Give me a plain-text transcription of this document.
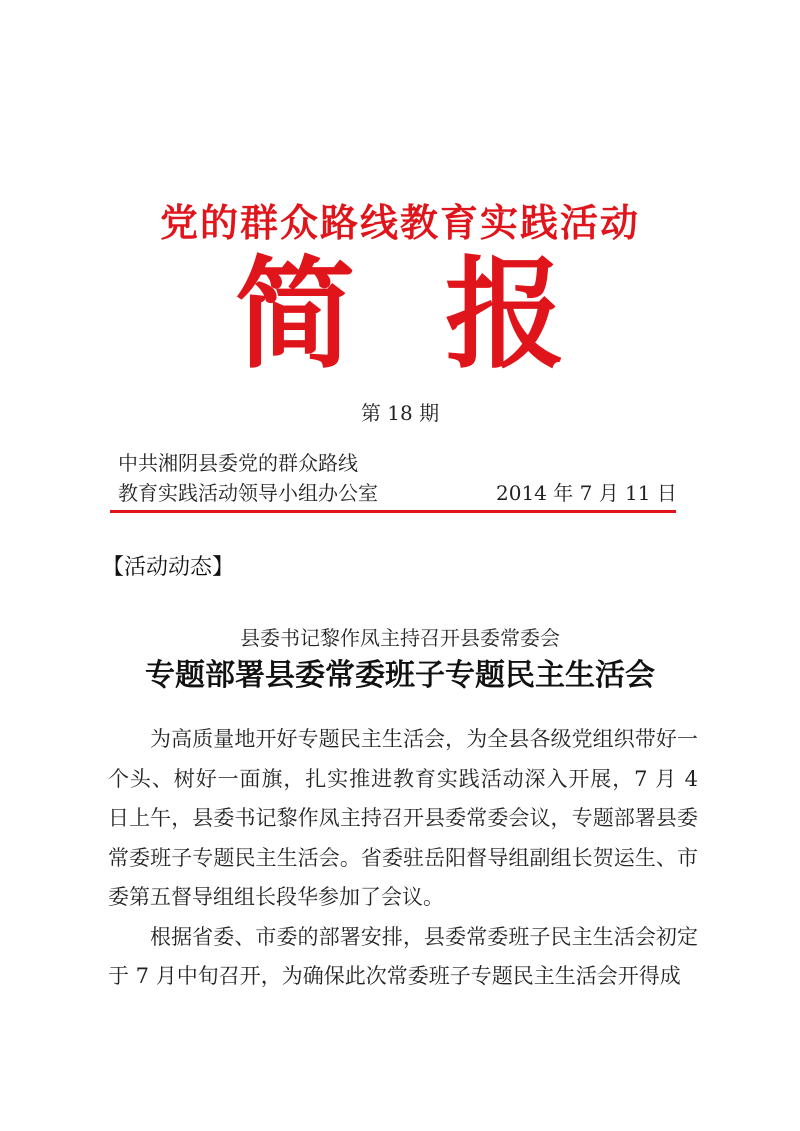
党的群众路线教育实践活动
简报
第 18 期
中共湘阴县委党的群众路线
教育实践活动领导小组办公室	2014 年 7 月 11 日
【活动动态】
县委书记黎作凤主持召开县委常委会
专题部署县委常委班子专题民主生活会

为高质量地开好专题民主生活会，为全县各级党组织带好一个头、树好一面旗，扎实推进教育实践活动深入开展，7 月 4 日上午，县委书记黎作凤主持召开县委常委会议，专题部署县委常委班子专题民主生活会。省委驻岳阳督导组副组长贺运生、市委第五督导组组长段华参加了会议。

根据省委、市委的部署安排，县委常委班子民主生活会初定于 7 月中旬召开，为确保此次常委班子专题民主生活会开得成
